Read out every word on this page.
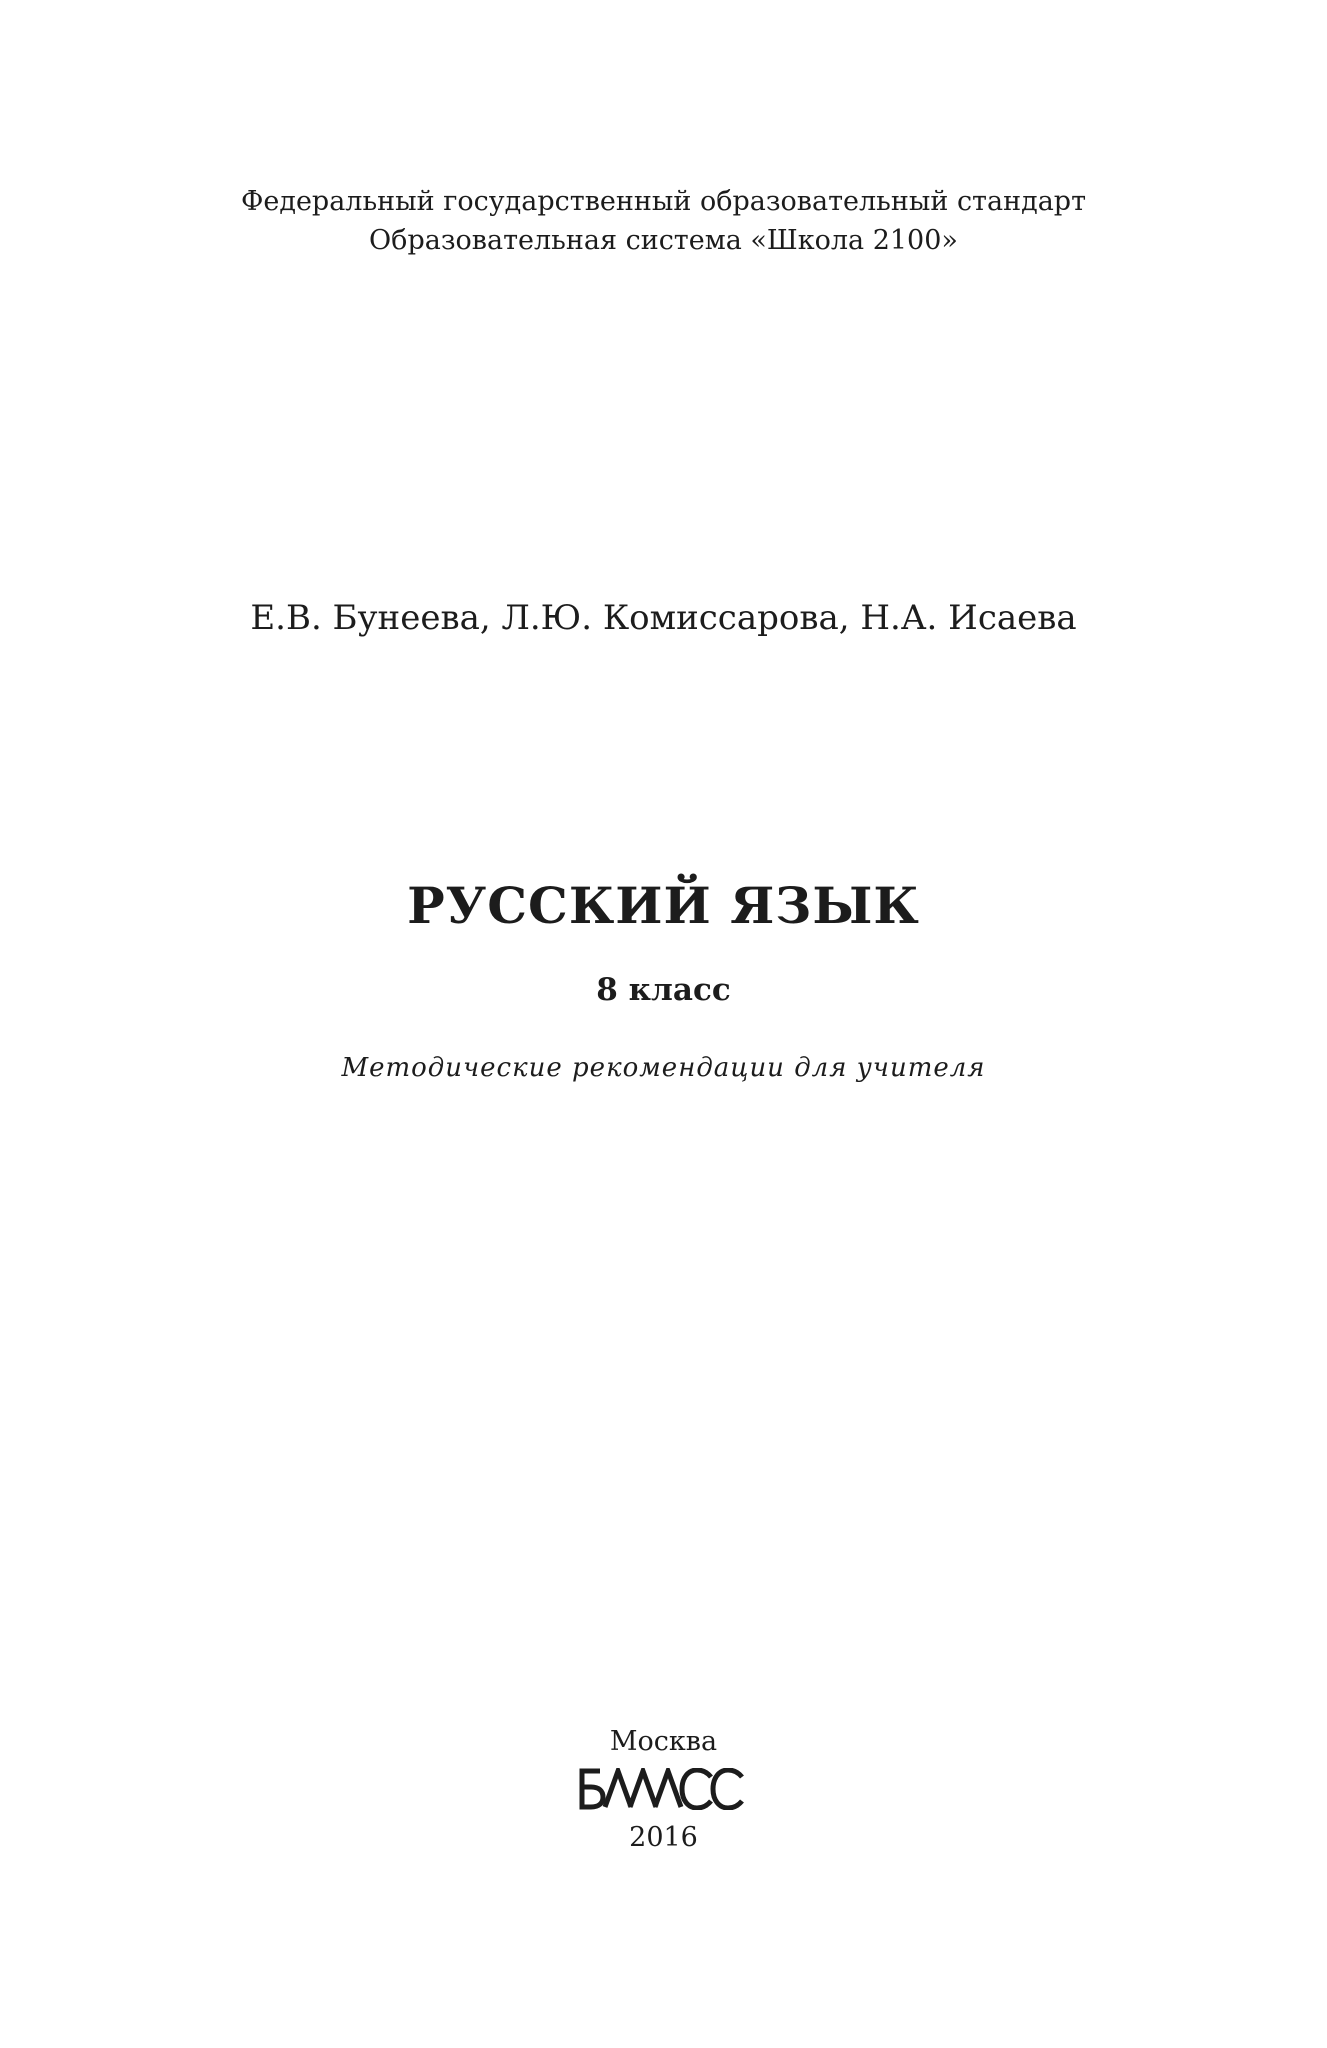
Федеральный государственный образовательный стандарт
Образовательная система «Школа 2100»
Е.В. Бунеева, Л.Ю. Комиссарова, Н.А. Исаева
РУССКИЙ ЯЗЫК
8 класс
Методические рекомендации для учителя
Москва
2016
